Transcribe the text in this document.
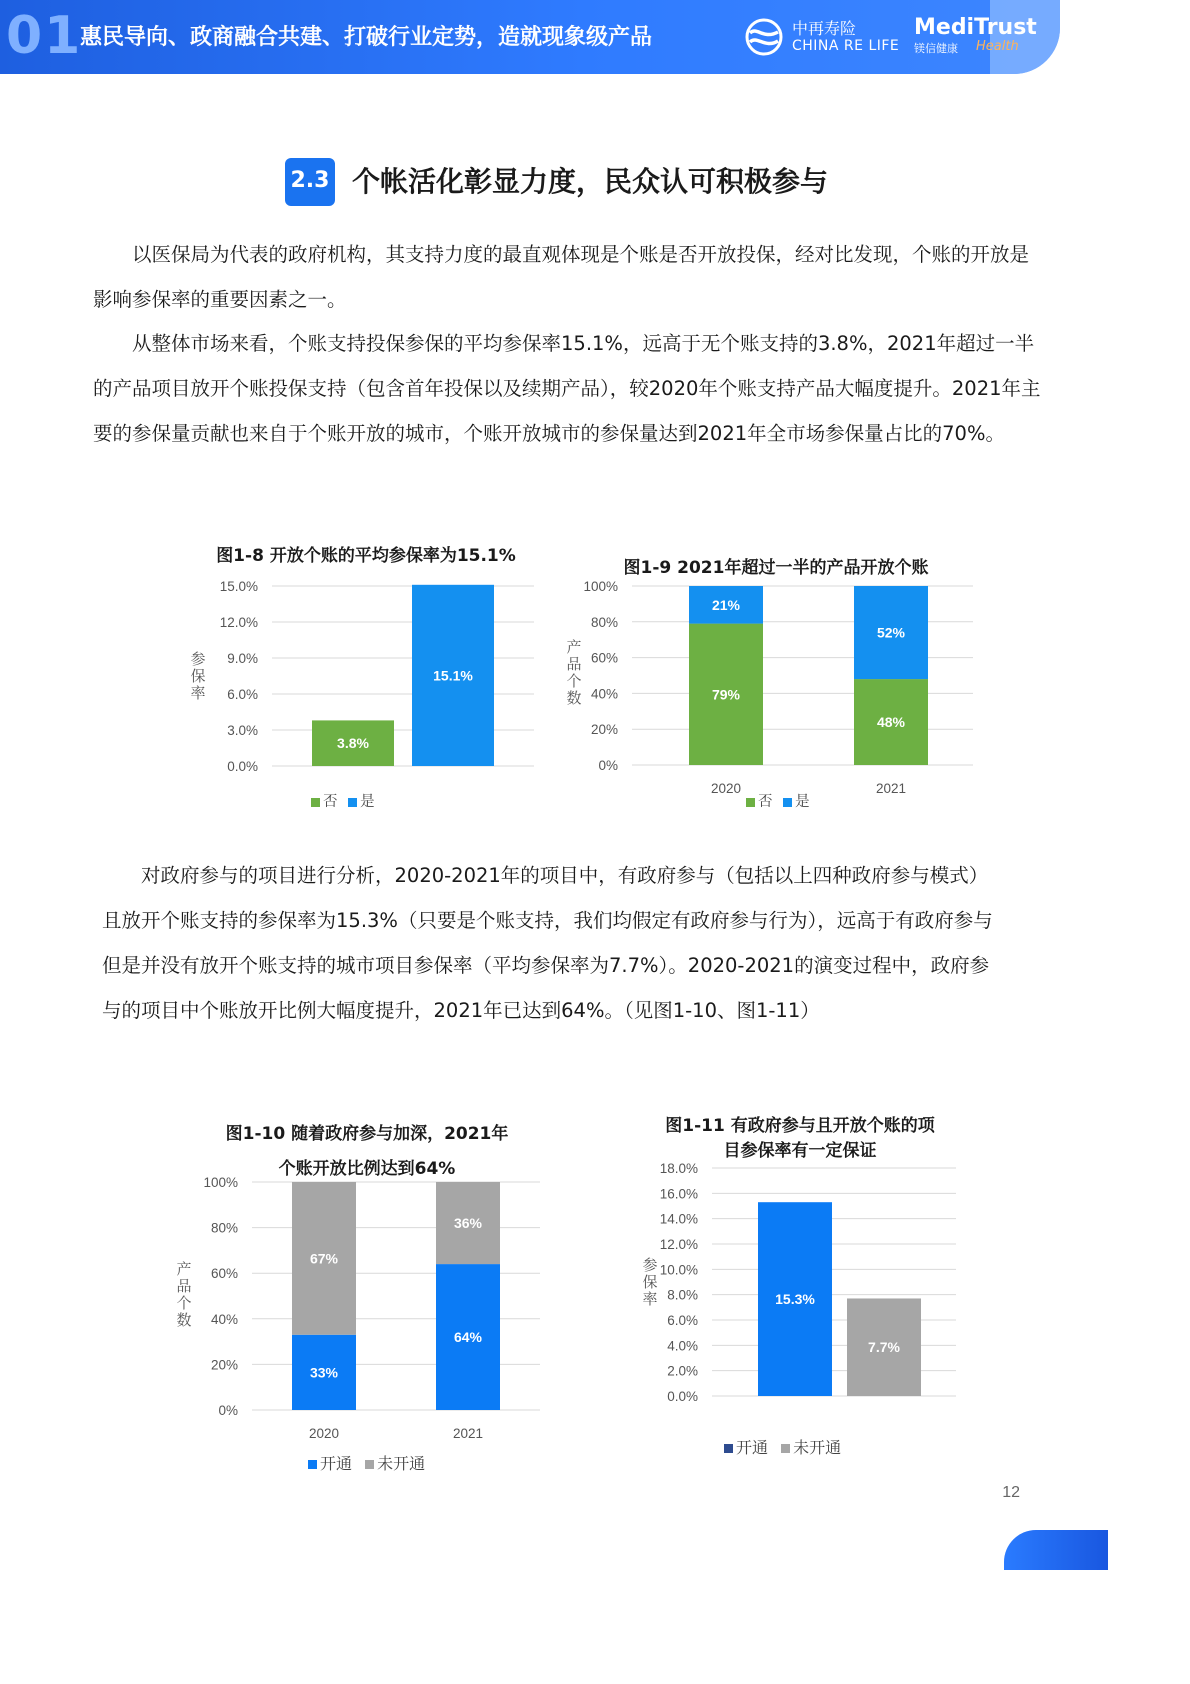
01
惠民导向、政商融合共建、打破行业定势，造就现象级产品	中再寿险
CHINA RE LIFE
MediTrust
镁信健康 Health
2.3 个帐活化彰显力度，民众认可积极参与
以医保局为代表的政府机构，其支持力度的最直观体现是个账是否开放投保，经对比发现，个账的开放是影响参保率的重要因素之一。
从整体市场来看，个账支持投保参保的平均参保率15.1%，远高于无个账支持的3.8%，2021年超过一半的产品项目放开个账投保支持（包含首年投保以及续期产品），较2020年个账支持产品大幅度提升。2021年主要的参保量贡献也来自于个账开放的城市，个账开放城市的参保量达到2021年全市场参保量占比的70%。
图1-8 开放个账的平均参保率为15.1%
0.0%
3.0%
6.0%
9.0%
12.0%
15.0%
3.8%
15.1%
参
保
率
否 是
图1-9 2021年超过一半的产品开放个账
0%
20%
40%
60%
80%
100%
79%
21%
48%
52%
2020	2021
产
品
个
数
否 是
对政府参与的项目进行分析，2020-2021年的项目中，有政府参与（包括以上四种政府参与模式）且放开个账支持的参保率为15.3%（只要是个账支持，我们均假定有政府参与行为），远高于有政府参与但是并没有放开个账支持的城市项目参保率（平均参保率为7.7%）。2020-2021的演变过程中，政府参与的项目中个账放开比例大幅度提升，2021年已达到64%。（见图1-10、图1-11）
图1-10 随着政府参与加深，2021年
个账开放比例达到64%
0%
20%
40%
60%
80%
100%
33%
67%
64%
36%
2020	2021
产
品
个
数
开通 未开通
图1-11 有政府参与且开放个账的项
目参保率有一定保证
0.0%
2.0%
4.0%
6.0%
8.0%
10.0%
12.0%
14.0%
16.0%
18.0%
15.3%
7.7%
参
保
率
开通 未开通
12
